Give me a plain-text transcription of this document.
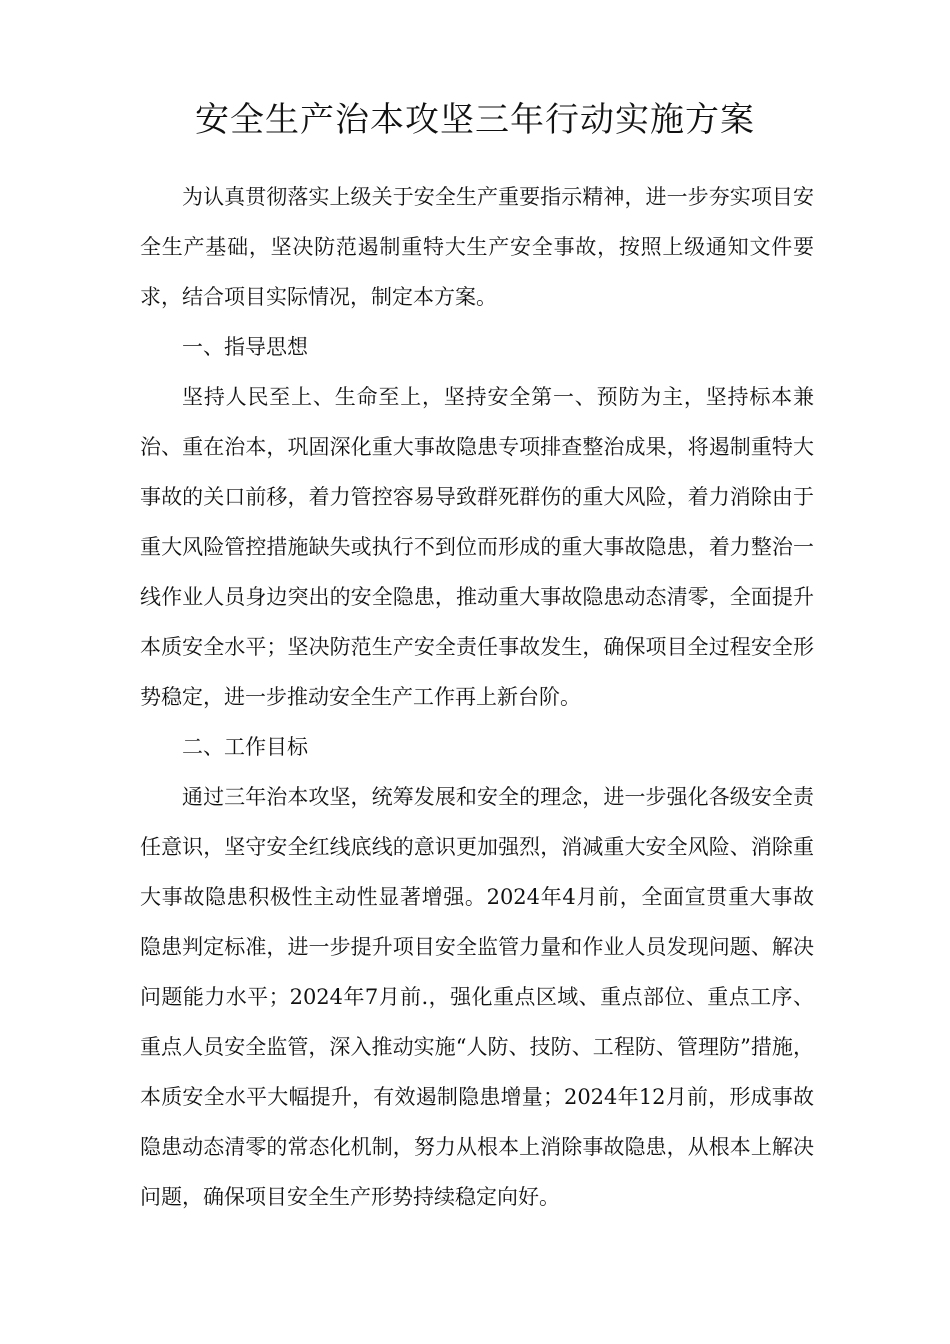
安全生产治本攻坚三年行动实施方案

为认真贯彻落实上级关于安全生产重要指示精神，进一步夯实项目安全生产基础，坚决防范遏制重特大生产安全事故，按照上级通知文件要求，结合项目实际情况，制定本方案。

一、指导思想

坚持人民至上、生命至上，坚持安全第一、预防为主，坚持标本兼治、重在治本，巩固深化重大事故隐患专项排查整治成果，将遏制重特大事故的关口前移，着力管控容易导致群死群伤的重大风险，着力消除由于重大风险管控措施缺失或执行不到位而形成的重大事故隐患，着力整治一线作业人员身边突出的安全隐患，推动重大事故隐患动态清零，全面提升本质安全水平；坚决防范生产安全责任事故发生，确保项目全过程安全形势稳定，进一步推动安全生产工作再上新台阶。

二、工作目标

通过三年治本攻坚，统筹发展和安全的理念，进一步强化各级安全责任意识，坚守安全红线底线的意识更加强烈，消减重大安全风险、消除重大事故隐患积极性主动性显著增强。2024年4月前，全面宣贯重大事故隐患判定标准，进一步提升项目安全监管力量和作业人员发现问题、解决问题能力水平；2024年7月前.，强化重点区域、重点部位、重点工序、重点人员安全监管，深入推动实施“人防、技防、工程防、管理防”措施，本质安全水平大幅提升，有效遏制隐患增量；2024年12月前，形成事故隐患动态清零的常态化机制，努力从根本上消除事故隐患，从根本上解决问题，确保项目安全生产形势持续稳定向好。
